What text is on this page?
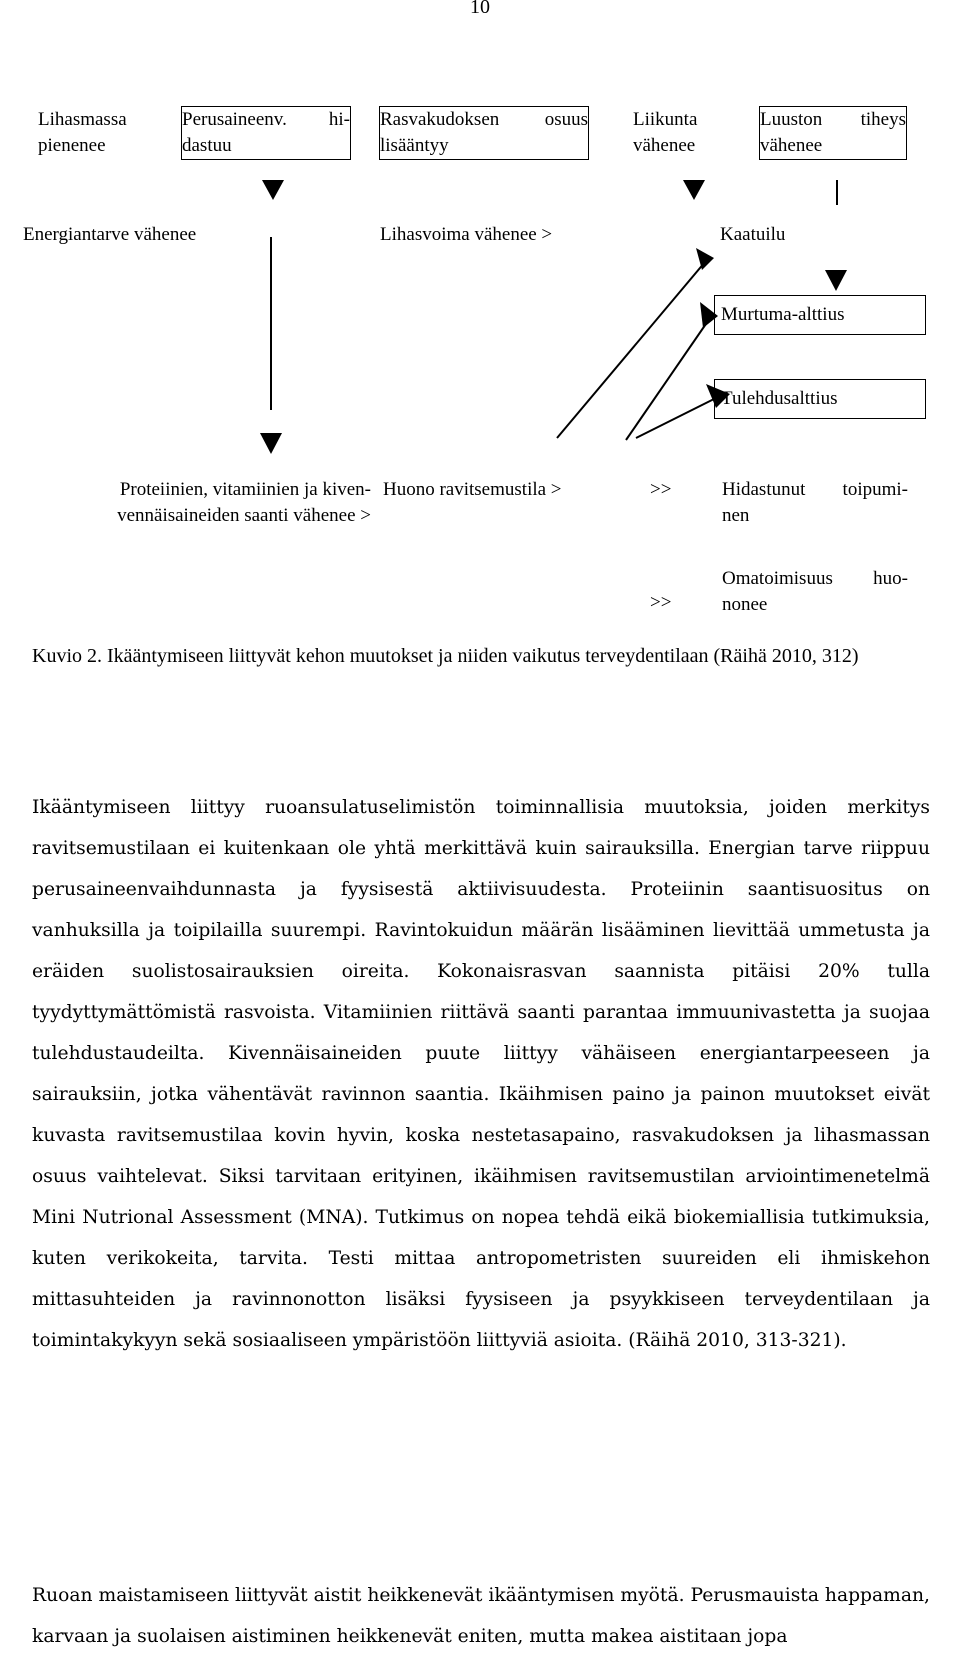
10
Lihasmassa
pienenee
Perusaineenv. hi-
dastuu
Rasvakudoksen osuus
lisääntyy
Liikunta
vähenee
Luuston tiheys
vähenee
Energiantarve vähenee	Lihasvoima vähenee >	Kaatuilu
Murtuma-alttius
Tulehdusalttius
Proteiinien, vitamiinien ja kiven-
vennäisaineiden saanti vähenee >
Huono ravitsemustila >	>>	Hidastunut toipumi-
nen
>>
Omatoimisuus huo-
nonee
Kuvio 2. Ikääntymiseen liittyvät kehon muutokset ja niiden vaikutus terveydentilaan (Räihä 2010, 312)
Ikääntymiseen liittyy ruoansulatuselimistön toiminnallisia muutoksia, joiden merkitys ravitsemustilaan ei kuitenkaan ole yhtä merkittävä kuin sairauksilla. Energian tarve riippuu perusaineenvaihdunnasta ja fyysisestä aktiivisuudesta. Proteiinin saantisuositus on vanhuksilla ja toipilailla suurempi. Ravintokuidun määrän lisääminen lievittää ummetusta ja eräiden suolistosairauksien oireita. Kokonaisrasvan saannista pitäisi 20% tulla tyydyttymättömistä rasvoista. Vitamiinien riittävä saanti parantaa immuunivastetta ja suojaa tulehdustaudeilta. Kivennäisaineiden puute liittyy vähäiseen energiantarpeeseen ja sairauksiin, jotka vähentävät ravinnon saantia. Ikäihmisen paino ja painon muutokset eivät kuvasta ravitsemustilaa kovin hyvin, koska nestetasapaino, rasvakudoksen ja lihasmassan osuus vaihtelevat. Siksi tarvitaan erityinen, ikäihmisen ravitsemustilan arviointimenetelmä Mini Nutrional Assessment (MNA). Tutkimus on nopea tehdä eikä biokemiallisia tutkimuksia, kuten verikokeita, tarvita. Testi mittaa antropometristen suureiden eli ihmiskehon mittasuhteiden ja ravinnonotton lisäksi fyysiseen ja psyykkiseen terveydentilaan ja toimintakykyyn sekä sosiaaliseen ympäristöön liittyviä asioita. (Räihä 2010, 313-321).
Ruoan maistamiseen liittyvät aistit heikkenevät ikääntymisen myötä. Perusmauista happaman, karvaan ja suolaisen aistiminen heikkenevät eniten, mutta makea aistitaan jopa
